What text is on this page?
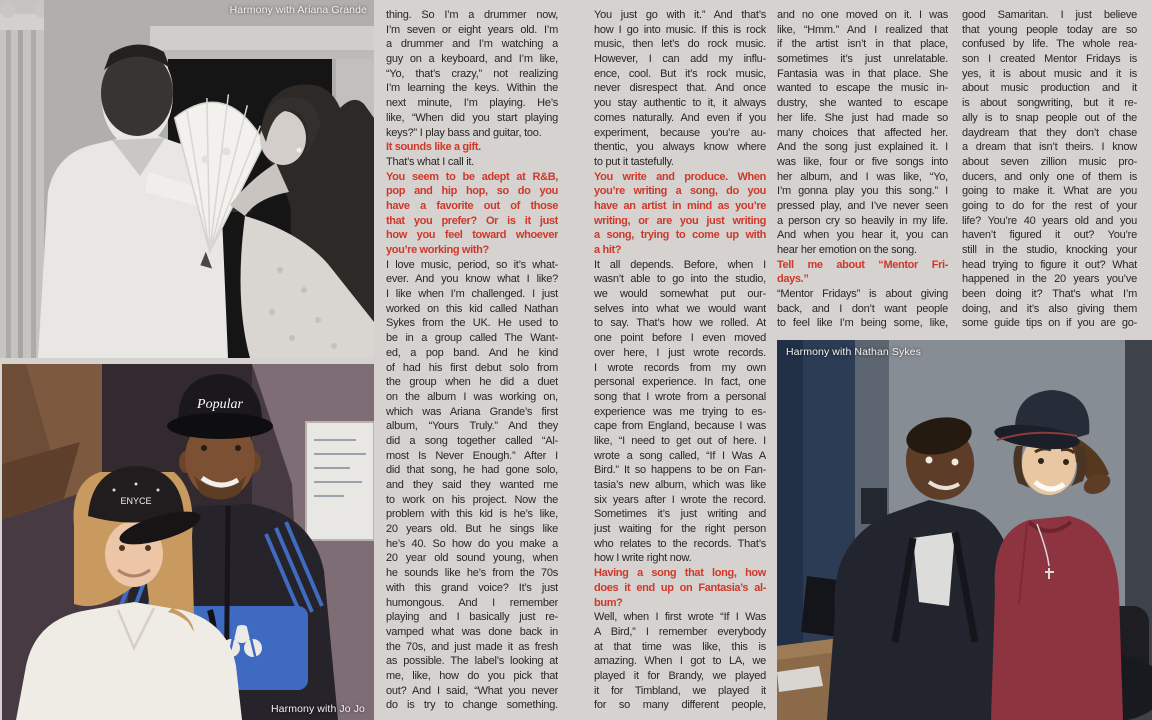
Harmony with Ariana Grande
Popular
ENYCE
Harmony with Jo Jo
Harmony with Nathan Sykes
thing. So I’m a drummer now,
I’m seven or eight years old. I’m
a drummer and I’m watching a
guy on a keyboard, and I’m like,
“Yo, that’s crazy,” not realizing
I’m learning the keys. Within the
next minute, I’m playing. He’s
like, “When did you start playing
keys?” I play bass and guitar, too.
It sounds like a gift.
That’s what I call it.
You seem to be adept at R&B,
pop and hip hop, so do you
have a favorite out of those
that you prefer? Or is it just
how you feel toward whoever
you’re working with?
I love music, period, so it’s what-
ever. And you know what I like?
I like when I’m challenged. I just
worked on this kid called Nathan
Sykes from the UK. He used to
be in a group called The Want-
ed, a pop band. And he kind
of had his first debut solo from
the group when he did a duet
on the album I was working on,
which was Ariana Grande’s first
album, “Yours Truly.” And they
did a song together called “Al-
most Is Never Enough.” After I
did that song, he had gone solo,
and they said they wanted me
to work on his project. Now the
problem with this kid is he’s like,
20 years old. But he sings like
he’s 40. So how do you make a
20 year old sound young, when
he sounds like he’s from the 70s
with this grand voice? It’s just
humongous. And I remember
playing and I basically just re-
vamped what was done back in
the 70s, and just made it as fresh
as possible. The label’s looking at
me, like, how do you pick that
out? And I said, “What you never
do is try to change something.
You just go with it.” And that’s
how I go into music. If this is rock
music, then let’s do rock music.
However, I can add my influ-
ence, cool. But it’s rock music,
never disrespect that. And once
you stay authentic to it, it always
comes naturally. And even if you
experiment, because you’re au-
thentic, you always know where
to put it tastefully.
You write and produce. When
you’re writing a song, do you
have an artist in mind as you’re
writing, or are you just writing
a song, trying to come up with
a hit?
It all depends. Before, when I
wasn’t able to go into the studio,
we would somewhat put our-
selves into what we would want
to say. That’s how we rolled. At
one point before I even moved
over here, I just wrote records.
I wrote records from my own
personal experience. In fact, one
song that I wrote from a personal
experience was me trying to es-
cape from England, because I was
like, “I need to get out of here. I
wrote a song called, “If I Was A
Bird.” It so happens to be on Fan-
tasia’s new album, which was like
six years after I wrote the record.
Sometimes it’s just writing and
just waiting for the right person
who relates to the records. That’s
how I write right now.
Having a song that long, how
does it end up on Fantasia’s al-
bum?
Well, when I first wrote “If I Was
A Bird,” I remember everybody
at that time was like, this is
amazing. When I got to LA, we
played it for Brandy, we played
it for Timbland, we played it
for so many different people,
and no one moved on it. I was
like, “Hmm.” And I realized that
if the artist isn’t in that place,
sometimes it’s just unrelatable.
Fantasia was in that place. She
wanted to escape the music in-
dustry, she wanted to escape
her life. She just had made so
many choices that affected her.
And the song just explained it. I
was like, four or five songs into
her album, and I was like, “Yo,
I’m gonna play you this song.” I
pressed play, and I’ve never seen
a person cry so heavily in my life.
And when you hear it, you can
hear her emotion on the song.
Tell me about “Mentor Fri-
days.”
“Mentor Fridays” is about giving
back, and I don’t want people
to feel like I’m being some, like,
good Samaritan. I just believe
that young people today are so
confused by life. The whole rea-
son I created Mentor Fridays is
yes, it is about music and it is
about music production and it
is about songwriting, but it re-
ally is to snap people out of the
daydream that they don’t chase
a dream that isn’t theirs. I know
about seven zillion music pro-
ducers, and only one of them is
going to make it. What are you
going to do for the rest of your
life? You’re 40 years old and you
haven’t figured it out? You’re
still in the studio, knocking your
head trying to figure it out? What
happened in the 20 years you’ve
been doing it? That’s what I’m
doing, and it’s also giving them
some guide tips on if you are go-
